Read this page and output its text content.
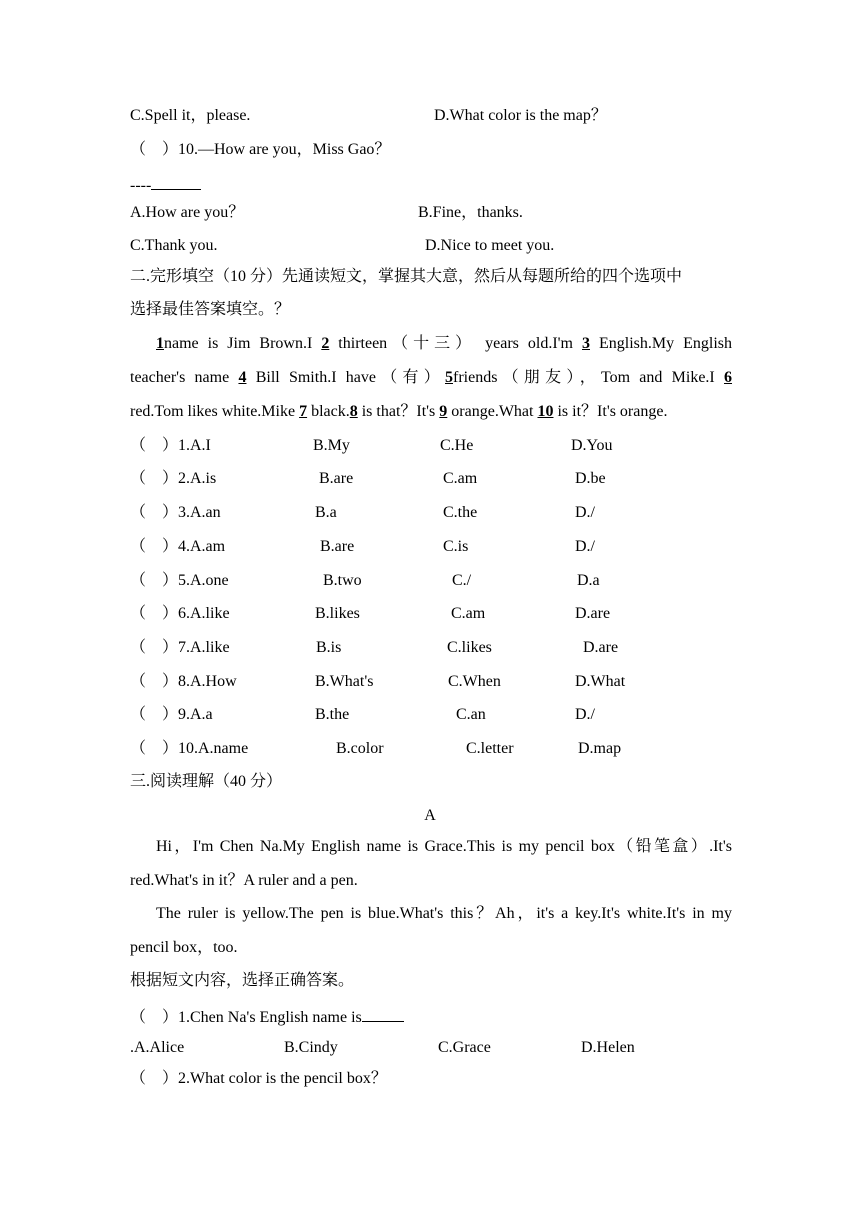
C.Spell it，please.	D.What color is the map？
（　）10.—How are you，Miss Gao？
----
A.How are you？	B.Fine，thanks.
C.Thank you.	D.Nice to meet you.
二.完形填空（10 分）先通读短文，掌握其大意，然后从每题所给的四个选项中
选择最佳答案填空。？
1name is Jim Brown.I 2 thirteen（十三） years old.I'm 3 English.My English
teacher's name 4 Bill Smith.I have（有）5friends（朋友），Tom and Mike.I 6
red.Tom likes white.Mike 7 black.8 is that？It's 9 orange.What 10 is it？It's orange.
（　）1.A.I	B.My	C.He	D.You
（　）2.A.is	B.are	C.am	D.be
（　）3.A.an	B.a	C.the	D./
（　）4.A.am	B.are	C.is	D./
（　）5.A.one	B.two	C./	D.a
（　）6.A.like	B.likes	C.am	D.are
（　）7.A.like	B.is	C.likes	D.are
（　）8.A.How	B.What's	C.When	D.What
（　）9.A.a	B.the	C.an	D./
（　）10.A.name	B.color	C.letter	D.map
三.阅读理解（40 分）
A
Hi，I'm Chen Na.My English name is Grace.This is my pencil box（铅笔盒）.It's
red.What's in it？A ruler and a pen.
The ruler is yellow.The pen is blue.What's this？Ah，it's a key.It's white.It's in my
pencil box，too.
根据短文内容，选择正确答案。
（　）1.Chen Na's English name is
.A.Alice	B.Cindy	C.Grace	D.Helen
（　）2.What color is the pencil box？
